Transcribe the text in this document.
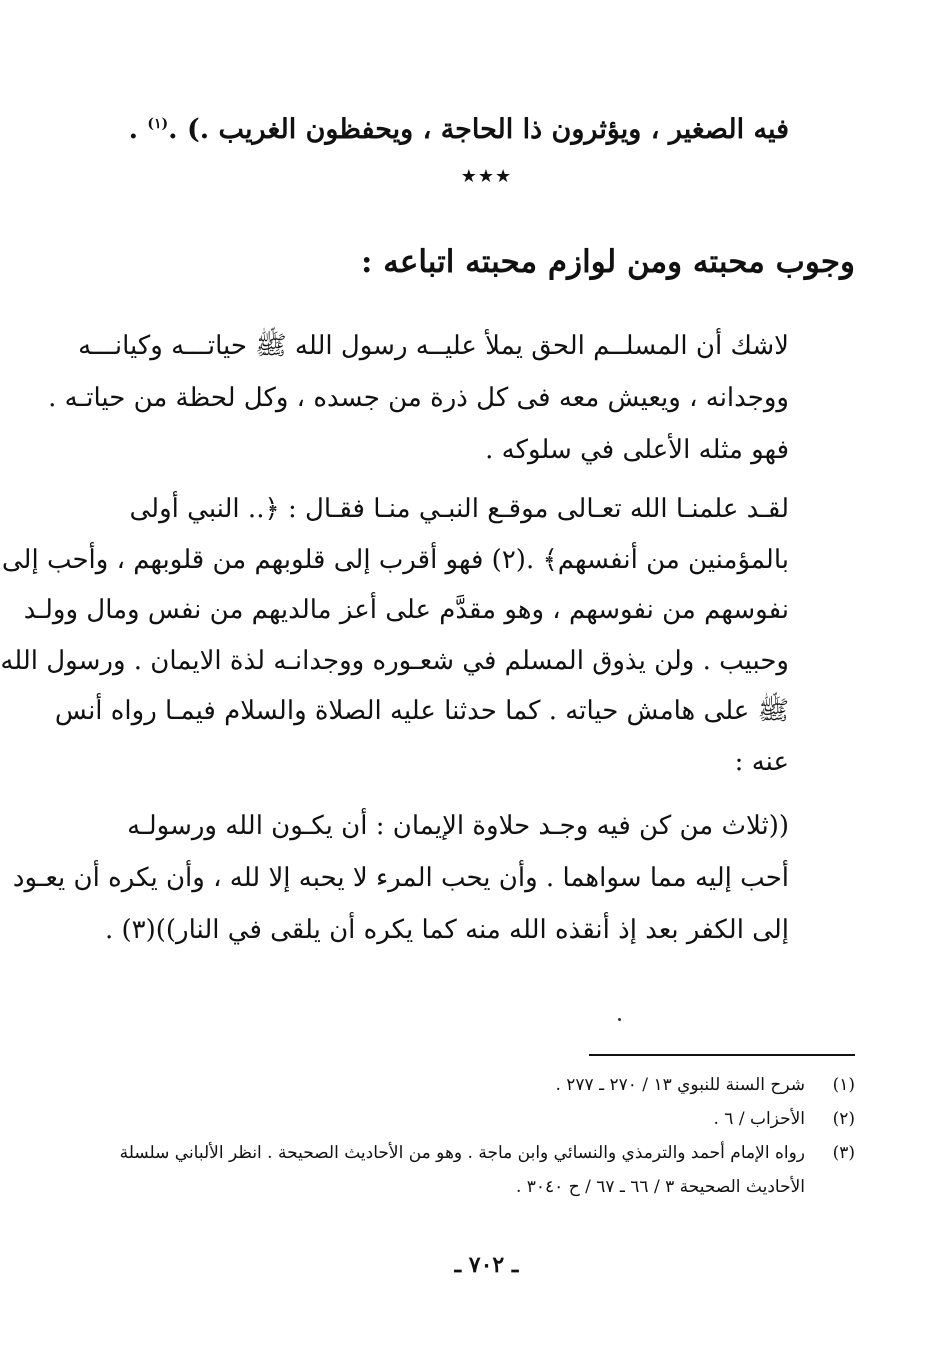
فيه الصغير ، ويؤثرون ذا الحاجة ، ويحفظون الغريب .) .$^{(١)}$ .
★★★
وجوب محبته ومن لوازم محبته اتباعه :
لاشك أن المسلــم الحق يملأ عليــه رسول الله ﷺ حياتـــه وكيانـــه
ووجدانه ، ويعيش معه فى كل ذرة من جسده ، وكل لحظة من حياتـه .
فهو مثله الأعلى في سلوكه .
لقـد علمنـا الله تعـالى موقـع النبـي منـا فقـال : ﴿.. النبي أولى
بالمؤمنين من أنفسهم﴾ .(٢) فهو أقرب إلى قلوبهم من قلوبهم ، وأحب إلى
نفوسهم من نفوسهم ، وهو مقدَّم على أعز مالديهم من نفس ومال وولـد
وحبيب . ولن يذوق المسلم في شعـوره ووجدانـه لذة الايمان . ورسول الله
ﷺ على هامش حياته . كما حدثنا عليه الصلاة والسلام فيمـا رواه أنس
عنه :
((ثلاث من كن فيه وجـد حلاوة الإيمان : أن يكـون الله ورسولـه
أحب إليه مما سواهما . وأن يحب المرء لا يحبه إلا لله ، وأن يكره أن يعـود
إلى الكفر بعد إذ أنقذه الله منه كما يكره أن يلقى في النار))(٣) .
(١)
شرح السنة للنبوي ١٣ / ٢٧٠ ـ ٢٧٧ .
(٢)
الأحزاب / ٦ .
(٣)
رواه الإمام أحمد والترمذي والنسائي وابن ماجة . وهو من الأحاديث الصحيحة . انظر الألباني سلسلة
الأحاديث الصحيحة ٣ / ٦٦ ـ ٦٧ / ح ٣٠٤٠ .
ـ ٧٠٢ ـ
